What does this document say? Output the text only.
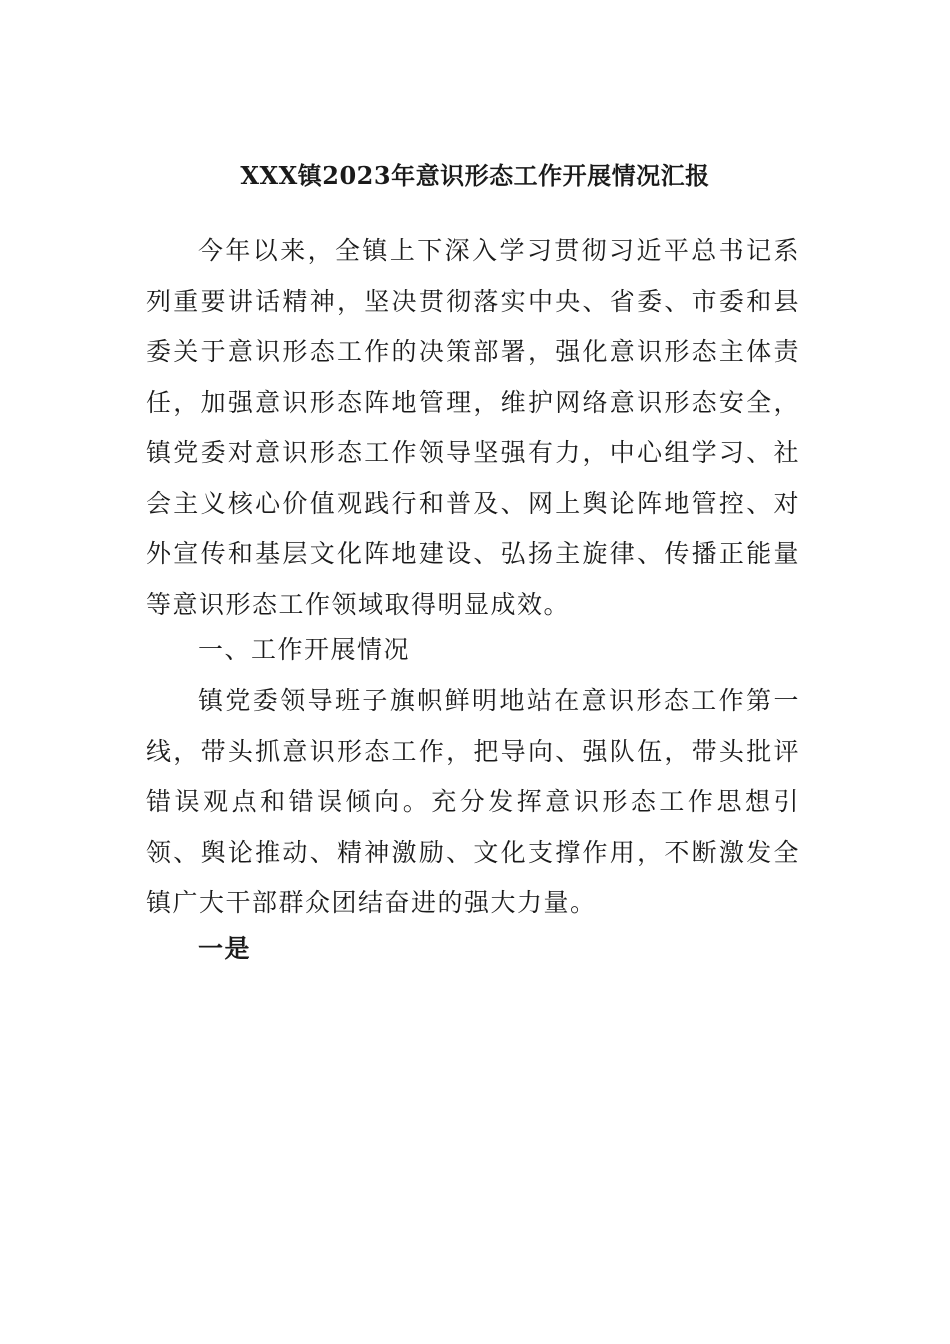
XXX镇2023年意识形态工作开展情况汇报

今年以来，全镇上下深入学习贯彻习近平总书记系列重要讲话精神，坚决贯彻落实中央、省委、市委和县委关于意识形态工作的决策部署，强化意识形态主体责任，加强意识形态阵地管理，维护网络意识形态安全，镇党委对意识形态工作领导坚强有力，中心组学习、社会主义核心价值观践行和普及、网上舆论阵地管控、对外宣传和基层文化阵地建设、弘扬主旋律、传播正能量等意识形态工作领域取得明显成效。

一、工作开展情况

镇党委领导班子旗帜鲜明地站在意识形态工作第一线，带头抓意识形态工作，把导向、强队伍，带头批评错误观点和错误倾向。充分发挥意识形态工作思想引领、舆论推动、精神激励、文化支撑作用，不断激发全镇广大干部群众团结奋进的强大力量。

一是
